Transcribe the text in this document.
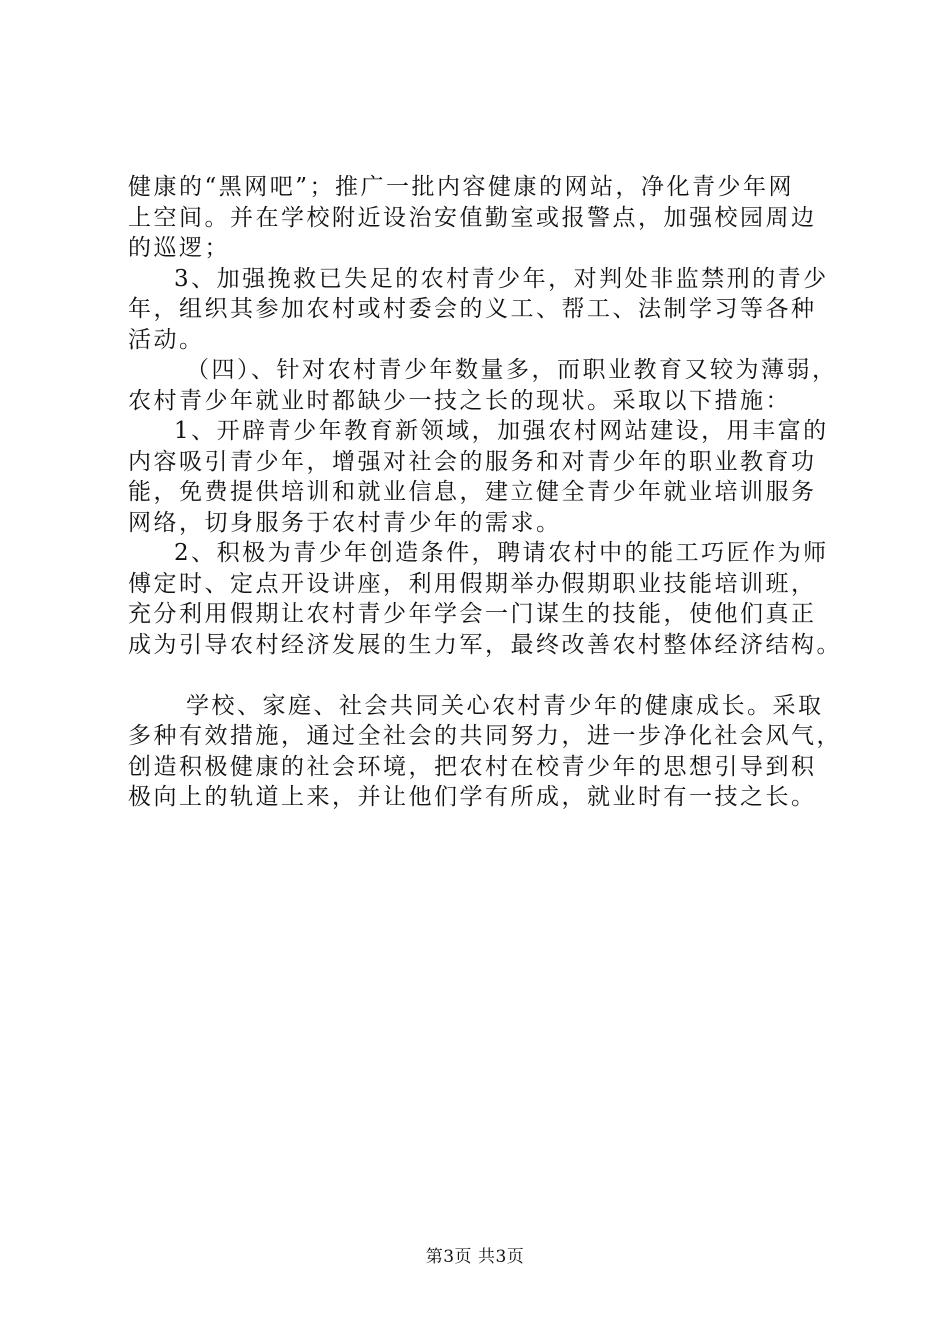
健康的“黑网吧”；推广一批内容健康的网站，净化青少年网
上空间。并在学校附近设治安值勤室或报警点，加强校园周边
的巡逻；
3、加强挽救已失足的农村青少年，对判处非监禁刑的青少
年，组织其参加农村或村委会的义工、帮工、法制学习等各种
活动。
（四）、针对农村青少年数量多，而职业教育又较为薄弱，
农村青少年就业时都缺少一技之长的现状。采取以下措施：
1、开辟青少年教育新领域，加强农村网站建设，用丰富的
内容吸引青少年，增强对社会的服务和对青少年的职业教育功
能，免费提供培训和就业信息，建立健全青少年就业培训服务
网络，切身服务于农村青少年的需求。
2、积极为青少年创造条件，聘请农村中的能工巧匠作为师
傅定时、定点开设讲座，利用假期举办假期职业技能培训班，
充分利用假期让农村青少年学会一门谋生的技能，使他们真正
成为引导农村经济发展的生力军，最终改善农村整体经济结构。
学校、家庭、社会共同关心农村青少年的健康成长。采取
多种有效措施，通过全社会的共同努力，进一步净化社会风气，
创造积极健康的社会环境，把农村在校青少年的思想引导到积
极向上的轨道上来，并让他们学有所成，就业时有一技之长。
第3页 共3页
